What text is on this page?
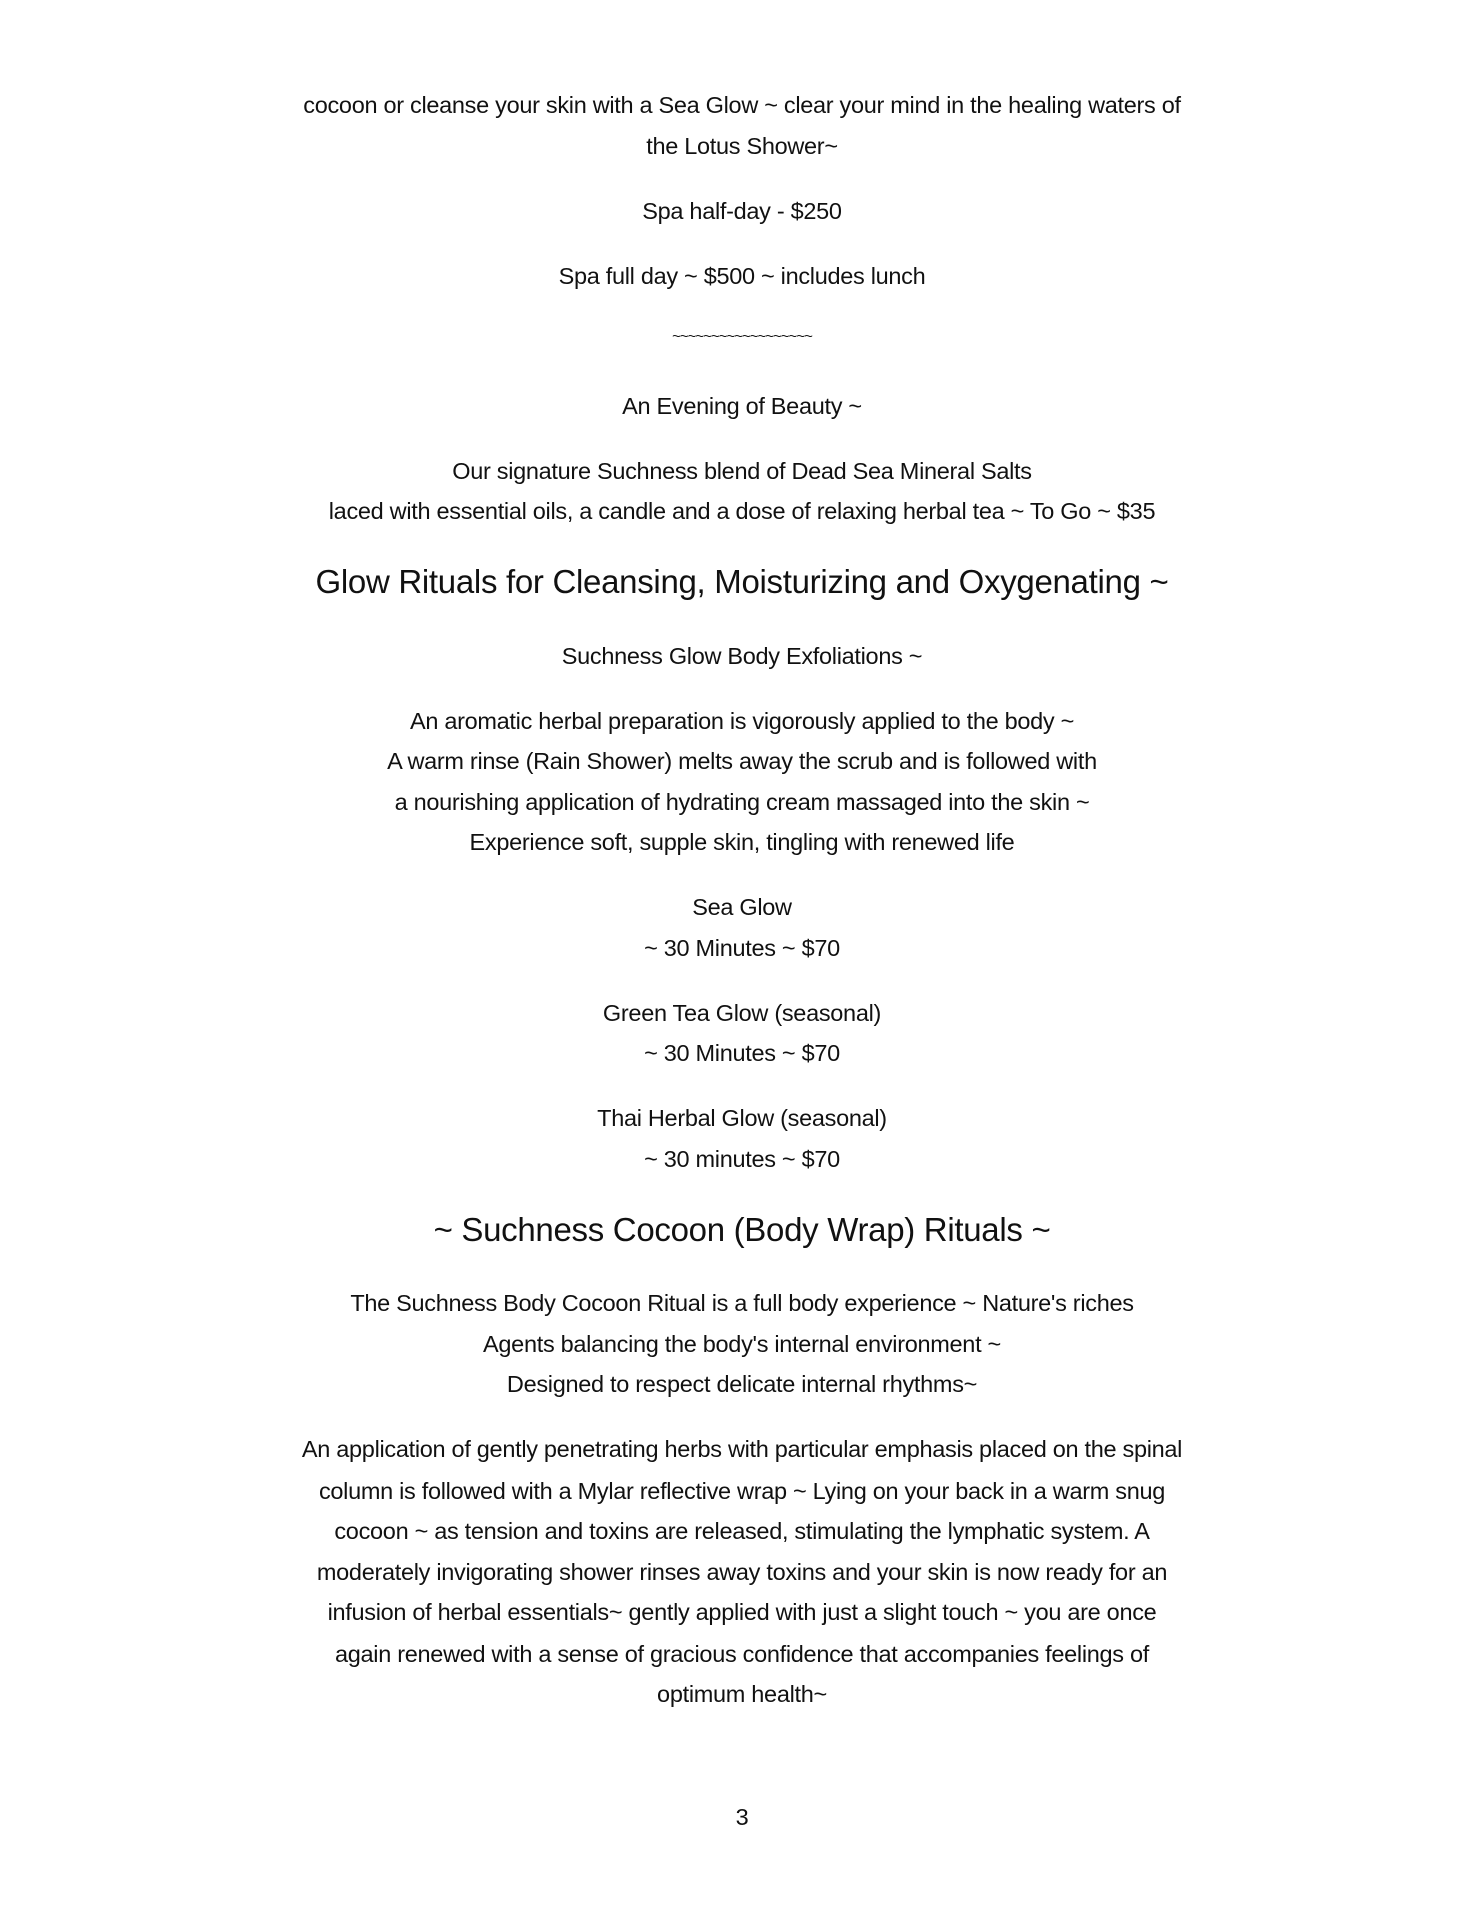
cocoon or cleanse your skin with a Sea Glow ~ clear your mind in the healing waters of
the Lotus Shower~
Spa half-day - $250
Spa full day ~ $500 ~ includes lunch
~~~~~~~~~~~~~~~~~~
An Evening of Beauty ~
Our signature Suchness blend of Dead Sea Mineral Salts
laced with essential oils, a candle and a dose of relaxing herbal tea ~ To Go ~ $35
Glow Rituals for Cleansing, Moisturizing and Oxygenating ~
Suchness Glow Body Exfoliations ~
An aromatic herbal preparation is vigorously applied to the body ~
A warm rinse (Rain Shower) melts away the scrub and is followed with
a nourishing application of hydrating cream massaged into the skin ~
Experience soft, supple skin, tingling with renewed life
Sea Glow
~ 30 Minutes ~ $70
Green Tea Glow (seasonal)
~ 30 Minutes ~ $70
Thai Herbal Glow (seasonal)
~ 30 minutes ~ $70
~ Suchness Cocoon (Body Wrap) Rituals ~
The Suchness Body Cocoon Ritual is a full body experience ~ Nature's riches
Agents balancing the body's internal environment ~
Designed to respect delicate internal rhythms~
An application of gently penetrating herbs with particular emphasis placed on the spinal
column is followed with a Mylar reflective wrap ~ Lying on your back in a warm snug
cocoon ~ as tension and toxins are released, stimulating the lymphatic system. A
moderately invigorating shower rinses away toxins and your skin is now ready for an
infusion of herbal essentials~ gently applied with just a slight touch ~ you are once
again renewed with a sense of gracious confidence that accompanies feelings of
optimum health~
3
